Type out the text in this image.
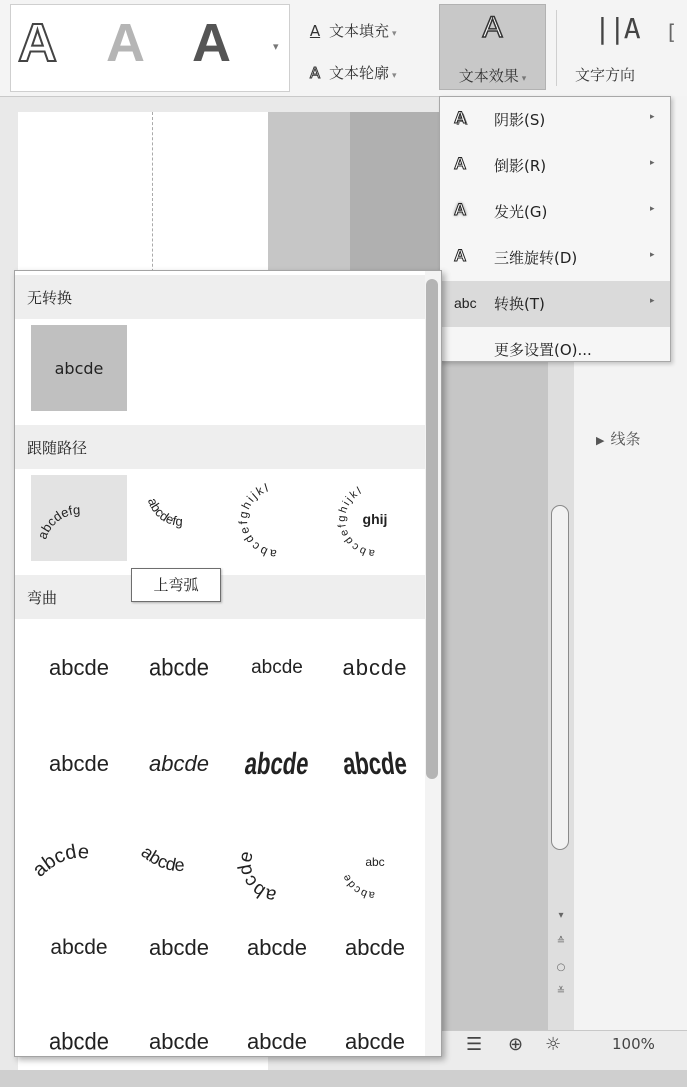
A A A	▾
A 文本填充 ▾
A 文本轮廓 ▾
A
文本效果 ▾
||A
文字方向
[
▶ 线条
▾
≙
○
≚
☰ ⊕ ☼	100%
A 阴影(S)	▸
A 倒影(R)	▸
A 发光(G)	▸
A 三维旋转(D)	▸
abc 转换(T)	▸
更多设置(O)...
无转换
abcde
跟随路径
abcdefg
abcdefg
abcdefghijkl
abcdefghijkl
ghij
弯曲
abcde abcde abcde abcde
abcde abcde abcde abcde
abcde	abcde
abcde
abcde
abc
abcde abcde abcde abcde
abcde abcde abcde abcde
上弯弧
